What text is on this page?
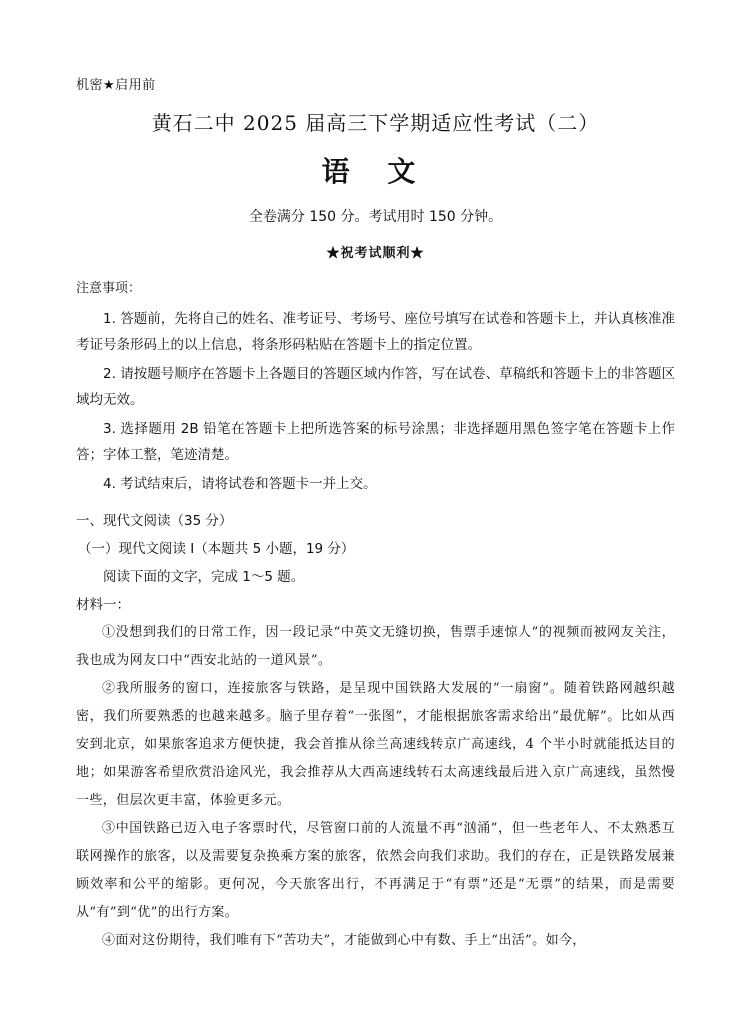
机密★启用前
黄石二中 2025 届高三下学期适应性考试（二）
语 文
全卷满分 150 分。考试用时 150 分钟。
★祝考试顺利★
注意事项：
1. 答题前，先将自己的姓名、准考证号、考场号、座位号填写在试卷和答题卡上，并认真核准准考证号条形码上的以上信息，将条形码粘贴在答题卡上的指定位置。
2. 请按题号顺序在答题卡上各题目的答题区域内作答，写在试卷、草稿纸和答题卡上的非答题区域均无效。
3. 选择题用 2B 铅笔在答题卡上把所选答案的标号涂黑；非选择题用黑色签字笔在答题卡上作答；字体工整，笔迹清楚。
4. 考试结束后，请将试卷和答题卡一并上交。
一、现代文阅读（35 分）
（一）现代文阅读 Ⅰ（本题共 5 小题，19 分）
阅读下面的文字，完成 1～5 题。
材料一：

①没想到我们的日常工作，因一段记录“中英文无缝切换，售票手速惊人”的视频而被网友关注，我也成为网友口中“西安北站的一道风景”。

②我所服务的窗口，连接旅客与铁路，是呈现中国铁路大发展的“一扇窗”。随着铁路网越织越密，我们所要熟悉的也越来越多。脑子里存着“一张图”，才能根据旅客需求给出“最优解”。比如从西安到北京，如果旅客追求方便快捷，我会首推从徐兰高速线转京广高速线，4 个半小时就能抵达目的地；如果游客希望欣赏沿途风光，我会推荐从大西高速线转石太高速线最后进入京广高速线，虽然慢一些，但层次更丰富，体验更多元。

③中国铁路已迈入电子客票时代，尽管窗口前的人流量不再“汹涌”，但一些老年人、不太熟悉互联网操作的旅客，以及需要复杂换乘方案的旅客，依然会向我们求助。我们的存在，正是铁路发展兼顾效率和公平的缩影。更何况，今天旅客出行，不再满足于“有票”还是“无票”的结果，而是需要从“有”到“优”的出行方案。

④面对这份期待，我们唯有下“苦功夫”，才能做到心中有数、手上“出活”。如今，
